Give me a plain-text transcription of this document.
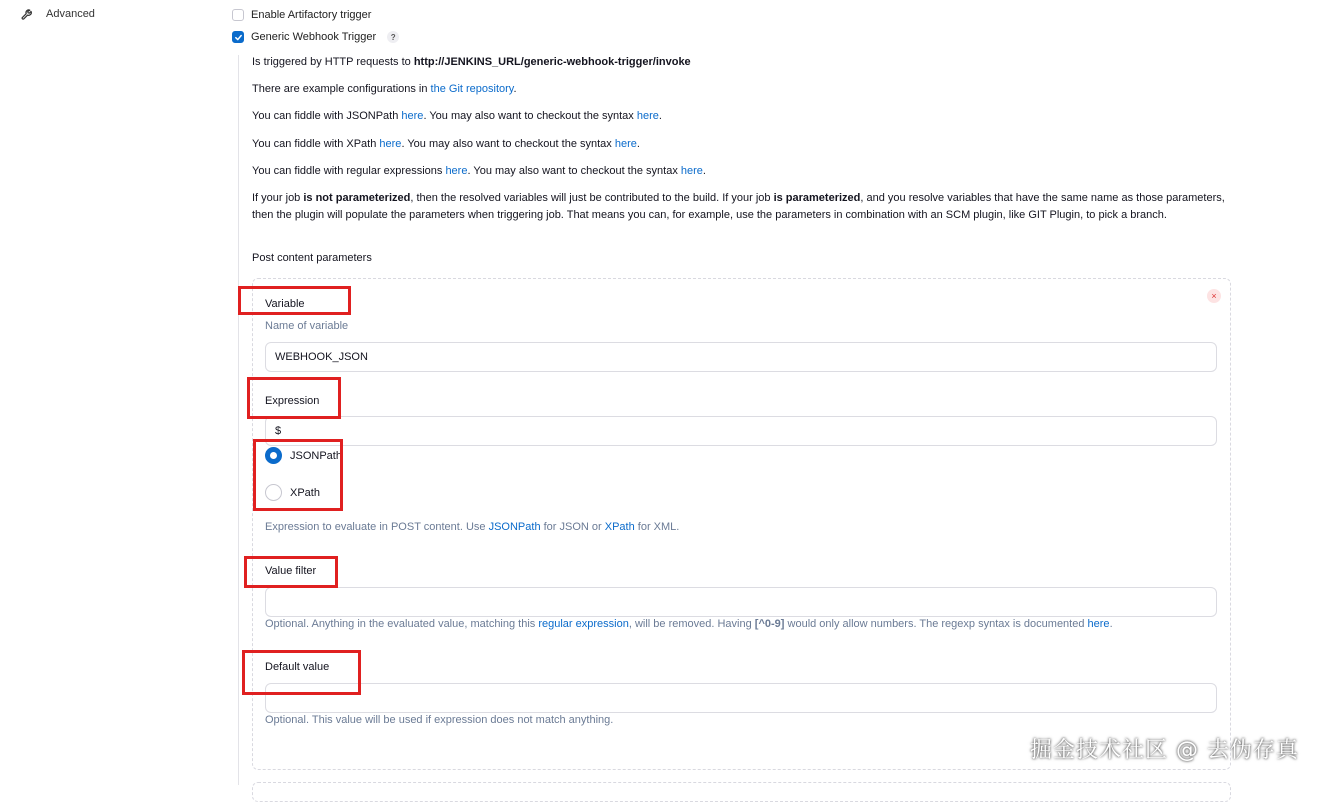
Advanced	Enable Artifactory trigger
Generic Webhook Trigger	?

Is triggered by HTTP requests to http://JENKINS_URL/generic-webhook-trigger/invoke

There are example configurations in the Git repository.

You can fiddle with JSONPath here. You may also want to checkout the syntax here.

You can fiddle with XPath here. You may also want to checkout the syntax here.

You can fiddle with regular expressions here. You may also want to checkout the syntax here.

If your job is not parameterized, then the resolved variables will just be contributed to the build. If your job is parameterized, and you resolve variables that have the same name as those parameters, then the plugin will populate the parameters when triggering job. That means you can, for example, use the parameters in combination with an SCM plugin, like GIT Plugin, to pick a branch.

Post content parameters
×
Variable
Name of variable
WEBHOOK_JSON
Expression
$
JSONPath
XPath
Expression to evaluate in POST content. Use JSONPath for JSON or XPath for XML.
Value filter
Optional. Anything in the evaluated value, matching this regular expression, will be removed. Having [^0-9] would only allow numbers. The regexp syntax is documented here.
Default value
Optional. This value will be used if expression does not match anything.
掘金技术社区 @ 去伪存真
